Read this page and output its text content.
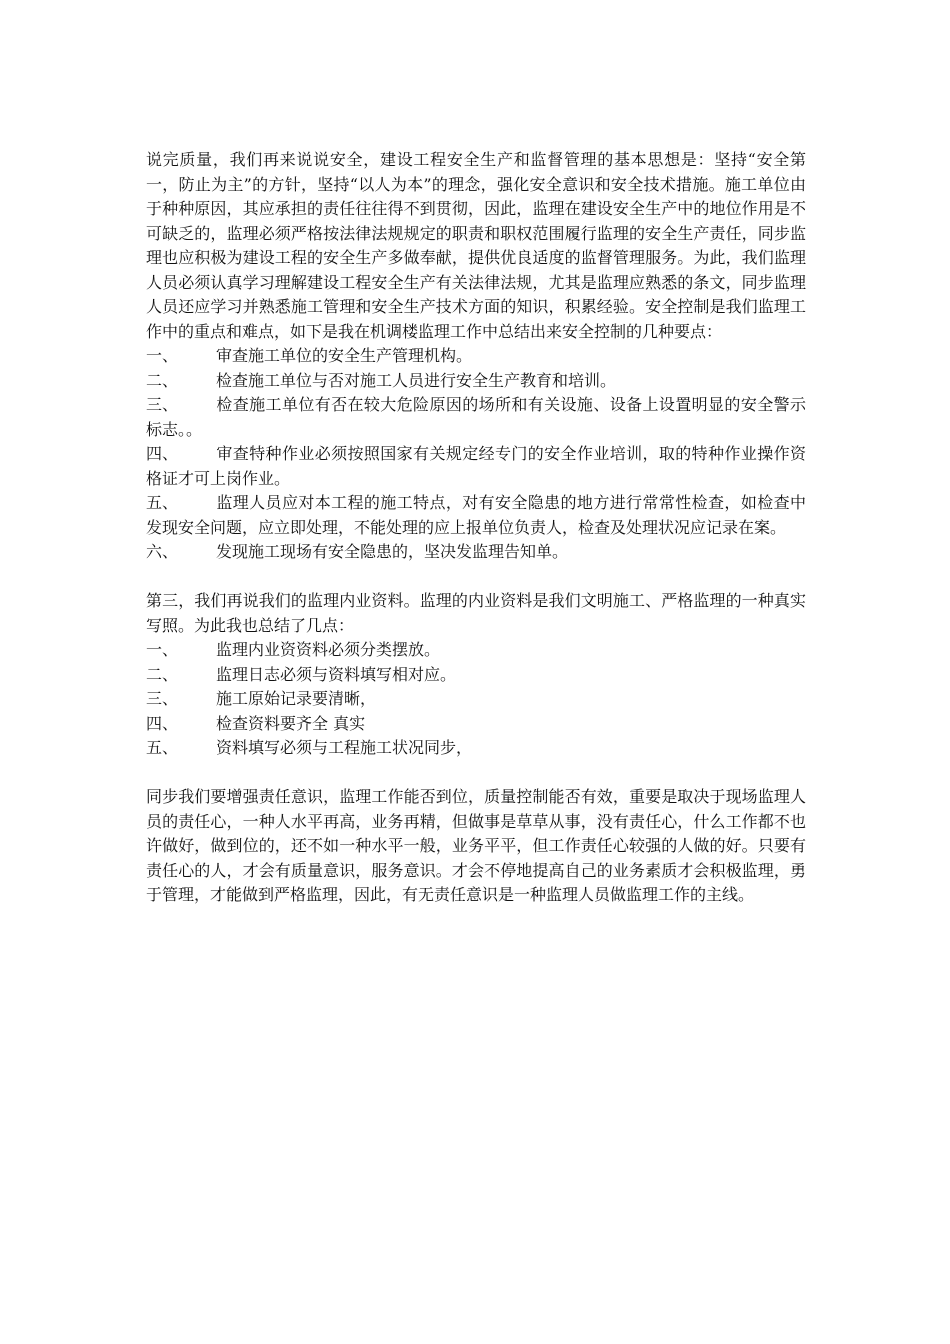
说完质量，我们再来说说安全，建设工程安全生产和监督管理的基本思想是：坚持“安全第一，防止为主”的方针，坚持“以人为本”的理念，强化安全意识和安全技术措施。施工单位由于种种原因，其应承担的责任往往得不到贯彻，因此，监理在建设安全生产中的地位作用是不可缺乏的，监理必须严格按法律法规规定的职责和职权范围履行监理的安全生产责任，同步监理也应积极为建设工程的安全生产多做奉献，提供优良适度的监督管理服务。为此，我们监理人员必须认真学习理解建设工程安全生产有关法律法规，尤其是监理应熟悉的条文，同步监理人员还应学习并熟悉施工管理和安全生产技术方面的知识，积累经验。安全控制是我们监理工作中的重点和难点，如下是我在机调楼监理工作中总结出来安全控制的几种要点：

一、 审查施工单位的安全生产管理机构。
二、 检查施工单位与否对施工人员进行安全生产教育和培训。
三、 检查施工单位有否在较大危险原因的场所和有关设施、设备上设置明显的安全警示标志。。
四、 审查特种作业必须按照国家有关规定经专门的安全作业培训，取的特种作业操作资格证才可上岗作业。
五、 监理人员应对本工程的施工特点，对有安全隐患的地方进行常常性检查，如检查中发现安全问题，应立即处理，不能处理的应上报单位负责人，检查及处理状况应记录在案。
六、 发现施工现场有安全隐患的，坚决发监理告知单。

第三，我们再说我们的监理内业资料。监理的内业资料是我们文明施工、严格监理的一种真实写照。为此我也总结了几点：

一、 监理内业资资料必须分类摆放。
二、 监理日志必须与资料填写相对应。
三、 施工原始记录要清晰，
四、 检查资料要齐全 真实
五、 资料填写必须与工程施工状况同步，

同步我们要增强责任意识，监理工作能否到位，质量控制能否有效，重要是取决于现场监理人员的责任心，一种人水平再高，业务再精，但做事是草草从事，没有责任心，什么工作都不也许做好，做到位的，还不如一种水平一般，业务平平，但工作责任心较强的人做的好。只要有责任心的人，才会有质量意识，服务意识。才会不停地提高自己的业务素质才会积极监理，勇于管理，才能做到严格监理，因此，有无责任意识是一种监理人员做监理工作的主线。
